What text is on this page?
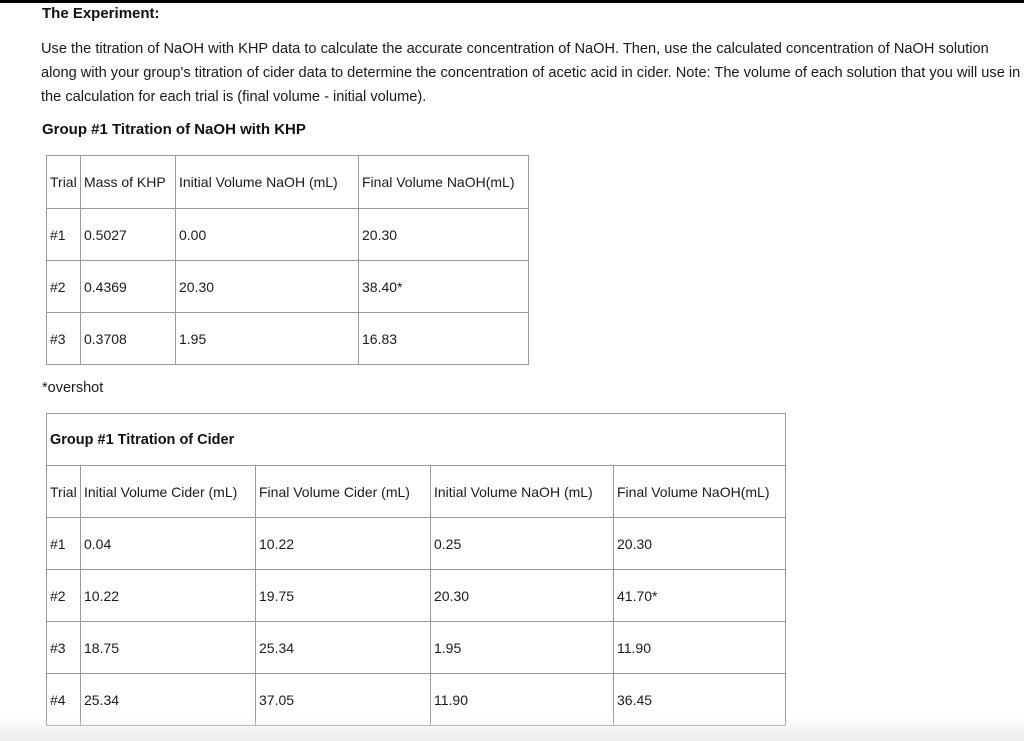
The Experiment:
Use the titration of NaOH with KHP data to calculate the accurate concentration of NaOH. Then, use the calculated concentration of NaOH solution along with your group's titration of cider data to determine the concentration of acetic acid in cider. Note: The volume of each solution that you will use in the calculation for each trial is (final volume - initial volume).
Group #1 Titration of NaOH with KHP
Trial	Mass of KHP	Initial Volume NaOH (mL)	Final Volume NaOH(mL)
#1	0.5027	0.00	20.30
#2	0.4369	20.30	38.40*
#3	0.3708	1.95	16.83
*overshot
Group #1 Titration of Cider				
Trial	Initial Volume Cider (mL)	Final Volume Cider (mL)	Initial Volume NaOH (mL)	Final Volume NaOH(mL)
#1	0.04	10.22	0.25	20.30
#2	10.22	19.75	20.30	41.70*
#3	18.75	25.34	1.95	11.90
#4	25.34	37.05	11.90	36.45
